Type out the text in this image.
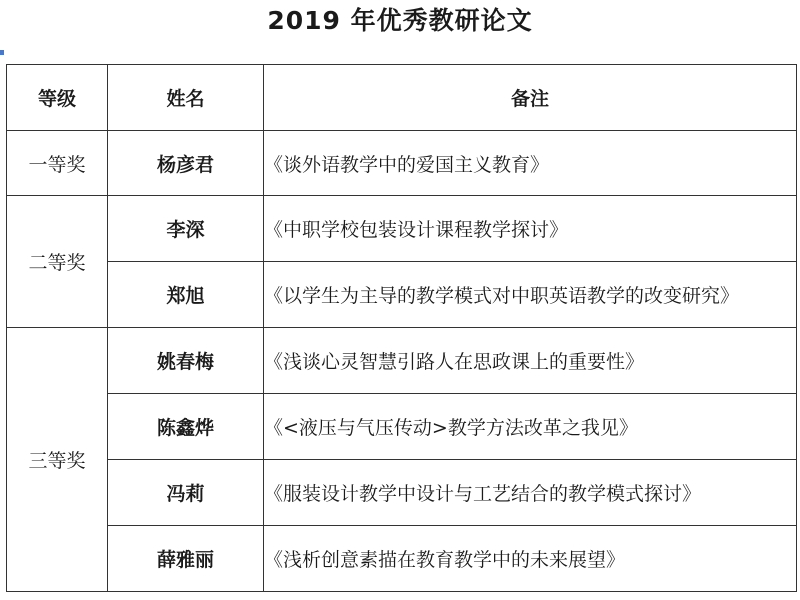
2019 年优秀教研论文
等级	姓名	备注
一等奖	杨彦君	《谈外语教学中的爱国主义教育》
二等奖	李深	《中职学校包装设计课程教学探讨》
	郑旭	《以学生为主导的教学模式对中职英语教学的改变研究》
三等奖	姚春梅	《浅谈心灵智慧引路人在思政课上的重要性》
	陈鑫烨	《<液压与气压传动>教学方法改革之我见》
	冯莉	《服装设计教学中设计与工艺结合的教学模式探讨》
	薛雅丽	《浅析创意素描在教育教学中的未来展望》
